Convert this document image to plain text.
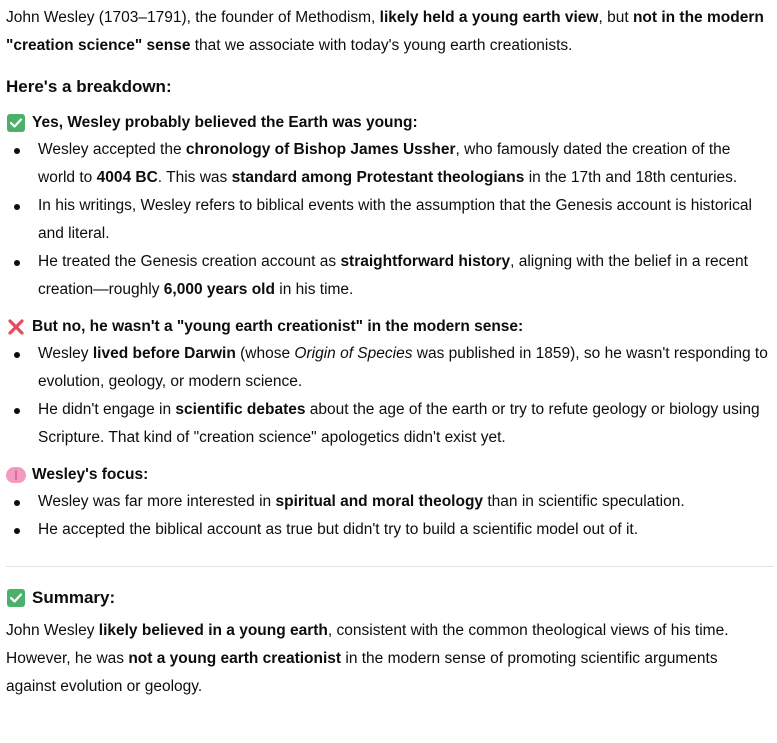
John Wesley (1703–1791), the founder of Methodism, likely held a young earth view, but not in the modern "creation science" sense that we associate with today's young earth creationists.

Here's a breakdown:
Yes, Wesley probably believed the Earth was young:
Wesley accepted the chronology of Bishop James Ussher, who famously dated the creation of the world to 4004 BC. This was standard among Protestant theologians in the 17th and 18th centuries.
In his writings, Wesley refers to biblical events with the assumption that the Genesis account is historical and literal.
He treated the Genesis creation account as straightforward history, aligning with the belief in a recent creation—roughly 6,000 years old in his time.
But no, he wasn't a "young earth creationist" in the modern sense:
Wesley lived before Darwin (whose Origin of Species was published in 1859), so he wasn't responding to evolution, geology, or modern science.
He didn't engage in scientific debates about the age of the earth or try to refute geology or biology using Scripture. That kind of "creation science" apologetics didn't exist yet.
Wesley's focus:
Wesley was far more interested in spiritual and moral theology than in scientific speculation.
He accepted the biblical account as true but didn't try to build a scientific model out of it.
Summary:

John Wesley likely believed in a young earth, consistent with the common theological views of his time. However, he was not a young earth creationist in the modern sense of promoting scientific arguments against evolution or geology.
